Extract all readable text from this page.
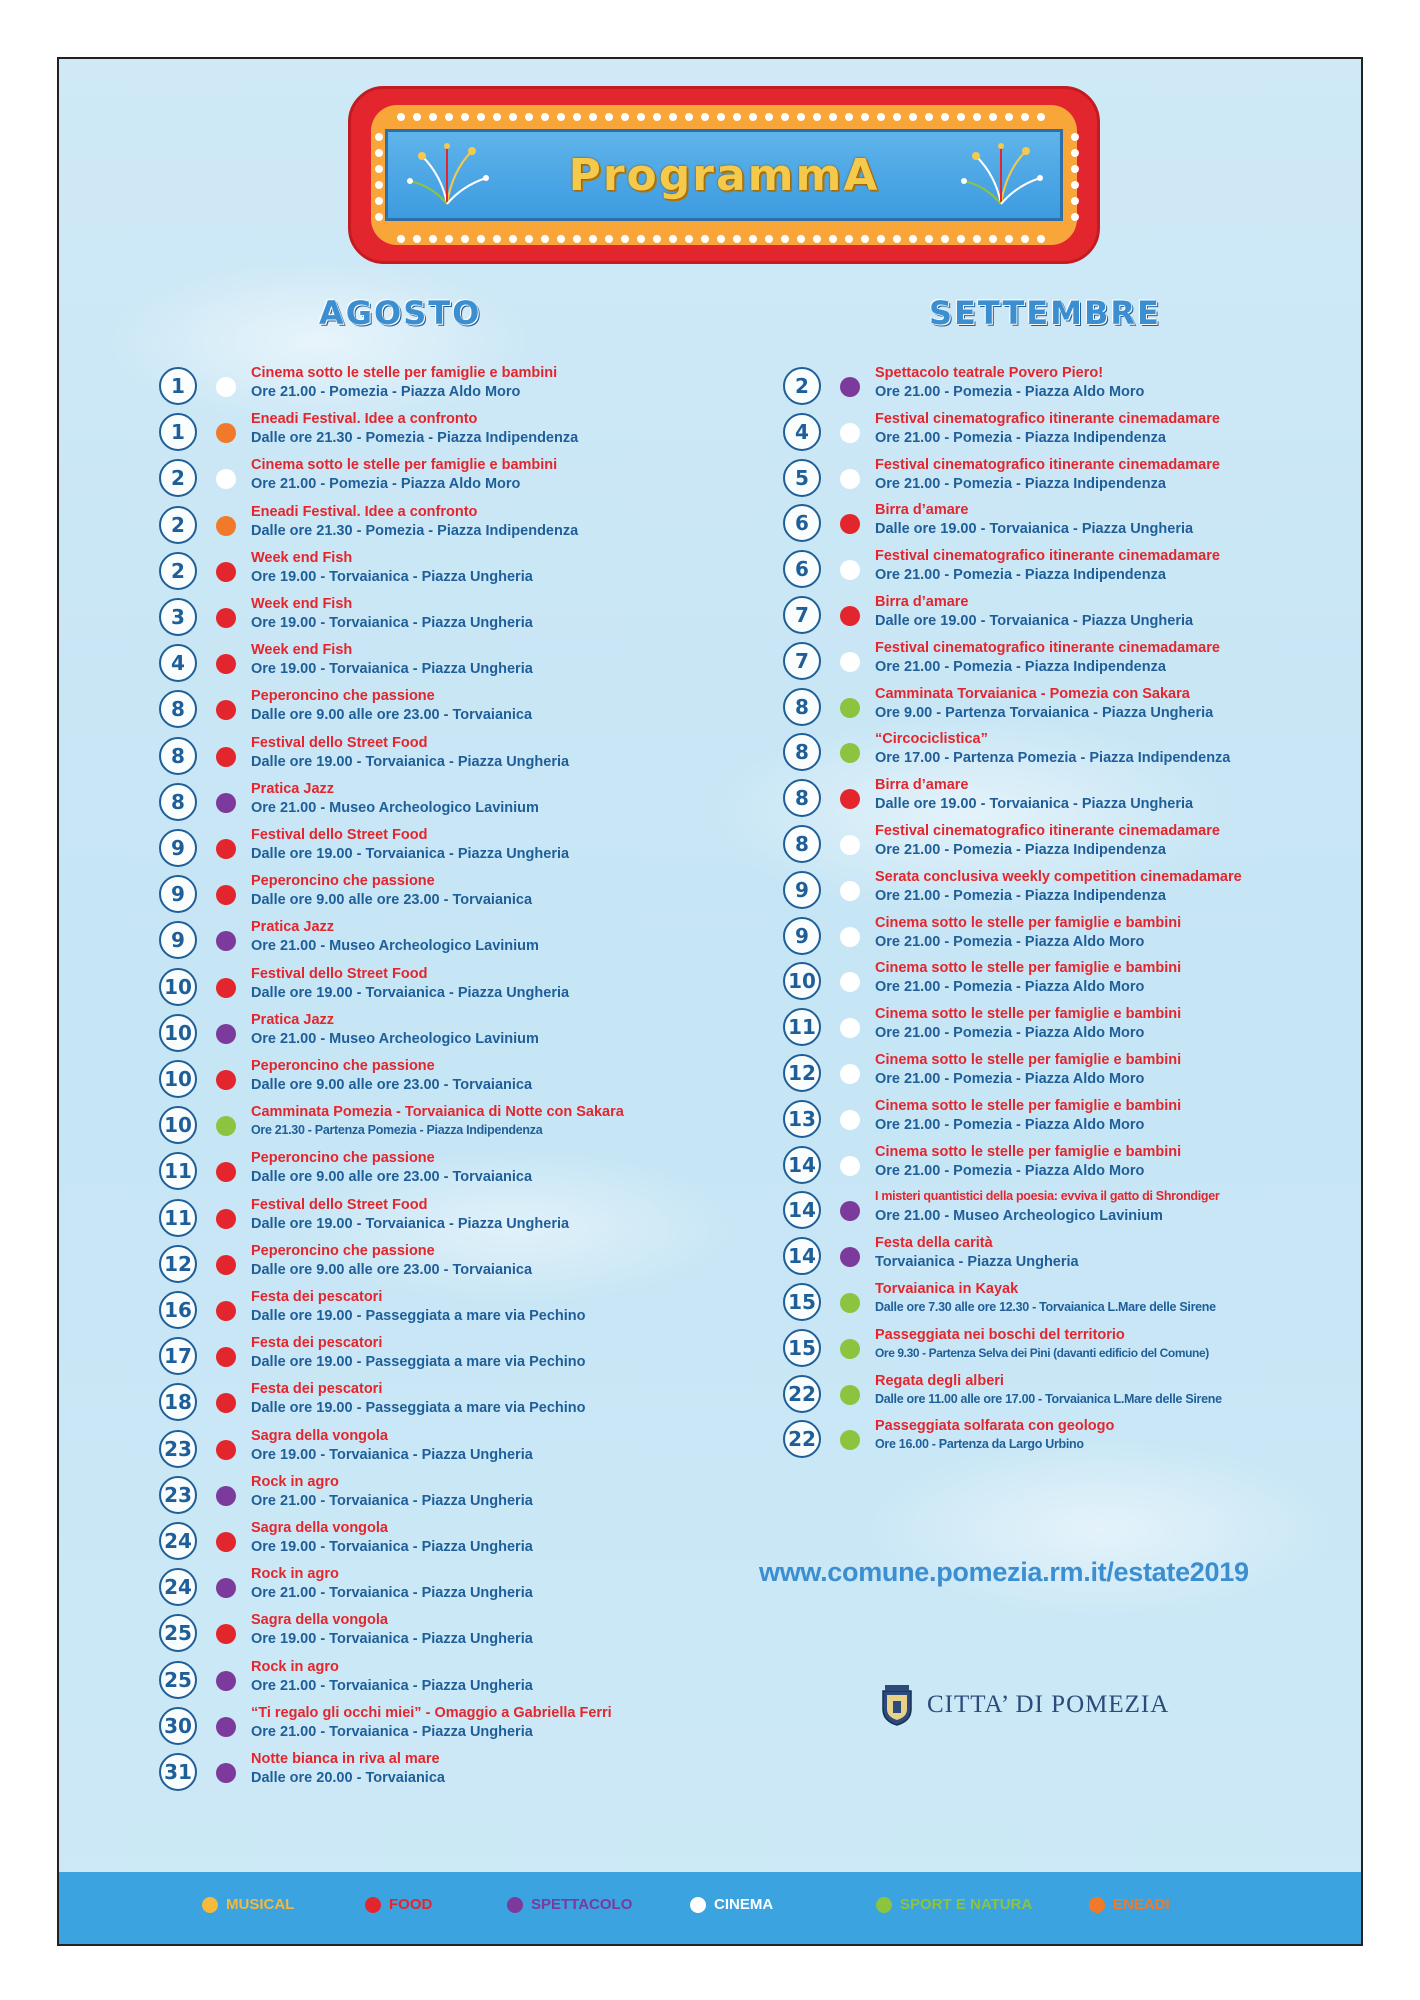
ProgrammA
AGOSTO	SETTEMBRE
1
Cinema sotto le stelle per famiglie e bambini
Ore 21.00 - Pomezia - Piazza Aldo Moro
1
Eneadi Festival. Idee a confronto
Dalle ore 21.30 - Pomezia - Piazza Indipendenza
2
Cinema sotto le stelle per famiglie e bambini
Ore 21.00 - Pomezia - Piazza Aldo Moro
2
Eneadi Festival. Idee a confronto
Dalle ore 21.30 - Pomezia - Piazza Indipendenza
2
Week end Fish
Ore 19.00 - Torvaianica - Piazza Ungheria
3
Week end Fish
Ore 19.00 - Torvaianica - Piazza Ungheria
4
Week end Fish
Ore 19.00 - Torvaianica - Piazza Ungheria
8
Peperoncino che passione
Dalle ore 9.00 alle ore 23.00 - Torvaianica
8
Festival dello Street Food
Dalle ore 19.00 - Torvaianica - Piazza Ungheria
8
Pratica Jazz
Ore 21.00 - Museo Archeologico Lavinium
9
Festival dello Street Food
Dalle ore 19.00 - Torvaianica - Piazza Ungheria
9
Peperoncino che passione
Dalle ore 9.00 alle ore 23.00 - Torvaianica
9
Pratica Jazz
Ore 21.00 - Museo Archeologico Lavinium
10
Festival dello Street Food
Dalle ore 19.00 - Torvaianica - Piazza Ungheria
10
Pratica Jazz
Ore 21.00 - Museo Archeologico Lavinium
10
Peperoncino che passione
Dalle ore 9.00 alle ore 23.00 - Torvaianica
10
Camminata Pomezia - Torvaianica di Notte con Sakara
Ore 21.30 - Partenza Pomezia - Piazza Indipendenza
11
Peperoncino che passione
Dalle ore 9.00 alle ore 23.00 - Torvaianica
11
Festival dello Street Food
Dalle ore 19.00 - Torvaianica - Piazza Ungheria
12
Peperoncino che passione
Dalle ore 9.00 alle ore 23.00 - Torvaianica
16
Festa dei pescatori
Dalle ore 19.00 - Passeggiata a mare via Pechino
17
Festa dei pescatori
Dalle ore 19.00 - Passeggiata a mare via Pechino
18
Festa dei pescatori
Dalle ore 19.00 - Passeggiata a mare via Pechino
23
Sagra della vongola
Ore 19.00 - Torvaianica - Piazza Ungheria
23
Rock in agro
Ore 21.00 - Torvaianica - Piazza Ungheria
24
Sagra della vongola
Ore 19.00 - Torvaianica - Piazza Ungheria
24
Rock in agro
Ore 21.00 - Torvaianica - Piazza Ungheria
25
Sagra della vongola
Ore 19.00 - Torvaianica - Piazza Ungheria
25
Rock in agro
Ore 21.00 - Torvaianica - Piazza Ungheria
30
“Ti regalo gli occhi miei” - Omaggio a Gabriella Ferri
Ore 21.00 - Torvaianica - Piazza Ungheria
31
Notte bianca in riva al mare
Dalle ore 20.00 - Torvaianica
2
Spettacolo teatrale Povero Piero!
Ore 21.00 - Pomezia - Piazza Aldo Moro
4
Festival cinematografico itinerante cinemadamare
Ore 21.00 - Pomezia - Piazza Indipendenza
5
Festival cinematografico itinerante cinemadamare
Ore 21.00 - Pomezia - Piazza Indipendenza
6
Birra d’amare
Dalle ore 19.00 - Torvaianica - Piazza Ungheria
6
Festival cinematografico itinerante cinemadamare
Ore 21.00 - Pomezia - Piazza Indipendenza
7
Birra d’amare
Dalle ore 19.00 - Torvaianica - Piazza Ungheria
7
Festival cinematografico itinerante cinemadamare
Ore 21.00 - Pomezia - Piazza Indipendenza
8
Camminata Torvaianica - Pomezia con Sakara
Ore 9.00 - Partenza Torvaianica - Piazza Ungheria
8
“Circociclistica”
Ore 17.00 - Partenza Pomezia - Piazza Indipendenza
8
Birra d’amare
Dalle ore 19.00 - Torvaianica - Piazza Ungheria
8
Festival cinematografico itinerante cinemadamare
Ore 21.00 - Pomezia - Piazza Indipendenza
9
Serata conclusiva weekly competition cinemadamare
Ore 21.00 - Pomezia - Piazza Indipendenza
9
Cinema sotto le stelle per famiglie e bambini
Ore 21.00 - Pomezia - Piazza Aldo Moro
10
Cinema sotto le stelle per famiglie e bambini
Ore 21.00 - Pomezia - Piazza Aldo Moro
11
Cinema sotto le stelle per famiglie e bambini
Ore 21.00 - Pomezia - Piazza Aldo Moro
12
Cinema sotto le stelle per famiglie e bambini
Ore 21.00 - Pomezia - Piazza Aldo Moro
13
Cinema sotto le stelle per famiglie e bambini
Ore 21.00 - Pomezia - Piazza Aldo Moro
14
Cinema sotto le stelle per famiglie e bambini
Ore 21.00 - Pomezia - Piazza Aldo Moro
14
I misteri quantistici della poesia: evviva il gatto di Shrondiger
Ore 21.00 - Museo Archeologico Lavinium
14
Festa della carità
Torvaianica - Piazza Ungheria
15
Torvaianica in Kayak
Dalle ore 7.30 alle ore 12.30 - Torvaianica L.Mare delle Sirene
15
Passeggiata nei boschi del territorio
Ore 9.30 - Partenza Selva dei Pini (davanti edificio del Comune)
22
Regata degli alberi
Dalle ore 11.00 alle ore 17.00 - Torvaianica L.Mare delle Sirene
22
Passeggiata solfarata con geologo
Ore 16.00 - Partenza da Largo Urbino
www.comune.pomezia.rm.it/estate2019
CITTA’ DI POMEZIA
MUSICAL	FOOD	SPETTACOLO	CINEMA	SPORT E NATURA	ENEADI
